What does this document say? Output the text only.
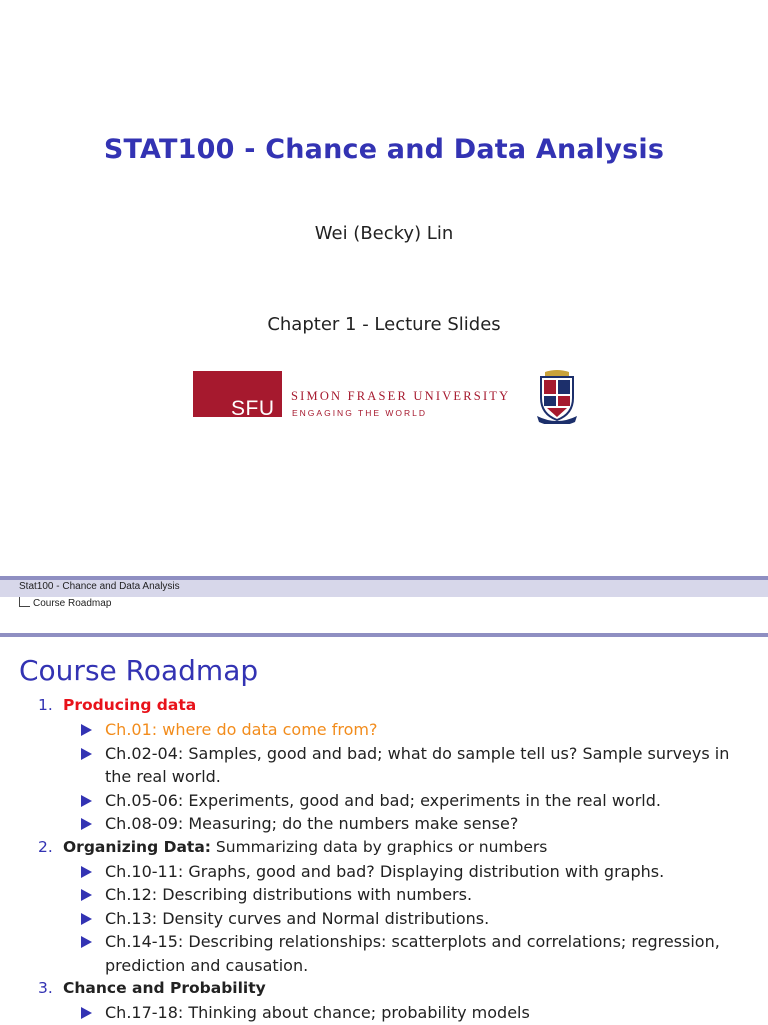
STAT100 - Chance and Data Analysis
Wei (Becky) Lin
Chapter 1 - Lecture Slides
SFU
SIMON FRASER UNIVERSITY
ENGAGING THE WORLD
Stat100 - Chance and Data Analysis
Course Roadmap
Course Roadmap
1. Producing data
Ch.01: where do data come from?
Ch.02-04: Samples, good and bad; what do sample tell us? Sample surveys in the real world.
Ch.05-06: Experiments, good and bad; experiments in the real world.
Ch.08-09: Measuring; do the numbers make sense?
2. Organizing Data: Summarizing data by graphics or numbers
Ch.10-11: Graphs, good and bad? Displaying distribution with graphs.
Ch.12: Describing distributions with numbers.
Ch.13: Density curves and Normal distributions.
Ch.14-15: Describing relationships: scatterplots and correlations; regression, prediction and causation.
3. Chance and Probability
Ch.17-18: Thinking about chance; probability models
